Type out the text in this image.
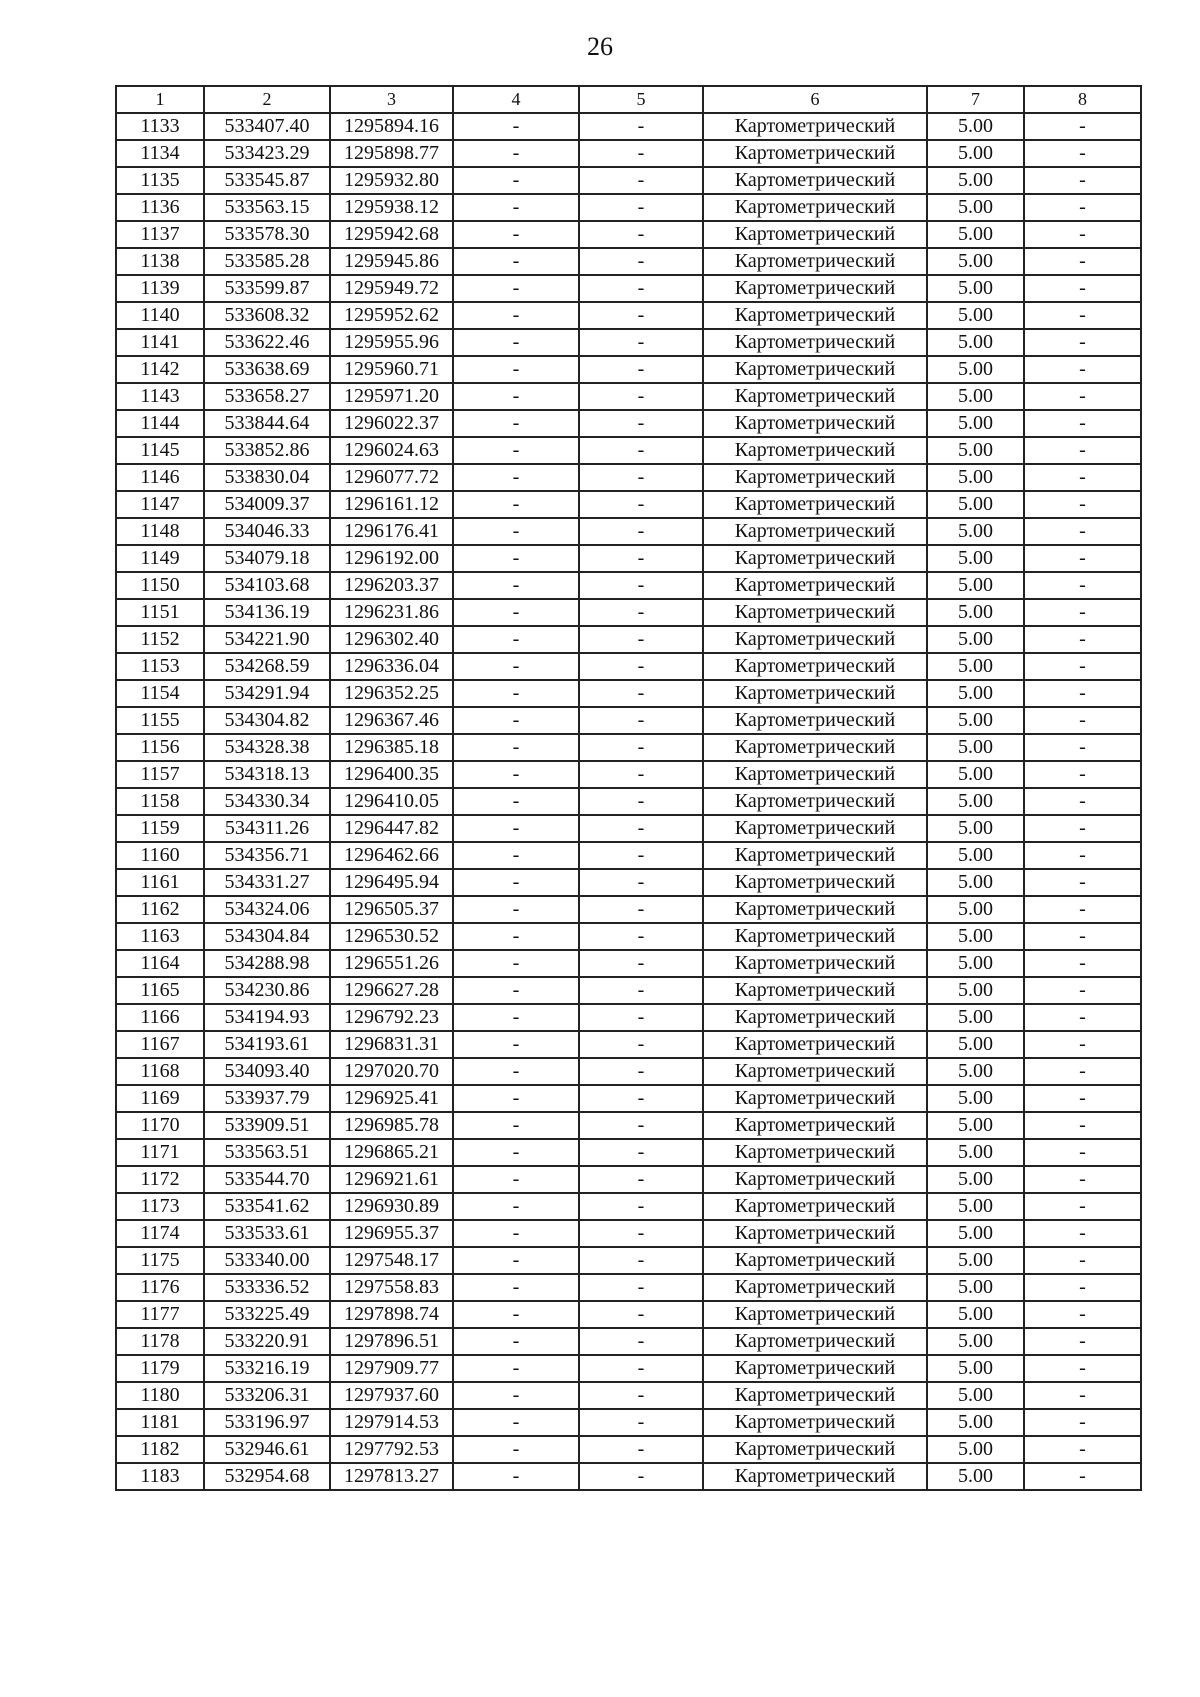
26
1	2	3	4	5	6	7	8
1133	533407.40	1295894.16	-	-	Картометрический	5.00	-
1134	533423.29	1295898.77	-	-	Картометрический	5.00	-
1135	533545.87	1295932.80	-	-	Картометрический	5.00	-
1136	533563.15	1295938.12	-	-	Картометрический	5.00	-
1137	533578.30	1295942.68	-	-	Картометрический	5.00	-
1138	533585.28	1295945.86	-	-	Картометрический	5.00	-
1139	533599.87	1295949.72	-	-	Картометрический	5.00	-
1140	533608.32	1295952.62	-	-	Картометрический	5.00	-
1141	533622.46	1295955.96	-	-	Картометрический	5.00	-
1142	533638.69	1295960.71	-	-	Картометрический	5.00	-
1143	533658.27	1295971.20	-	-	Картометрический	5.00	-
1144	533844.64	1296022.37	-	-	Картометрический	5.00	-
1145	533852.86	1296024.63	-	-	Картометрический	5.00	-
1146	533830.04	1296077.72	-	-	Картометрический	5.00	-
1147	534009.37	1296161.12	-	-	Картометрический	5.00	-
1148	534046.33	1296176.41	-	-	Картометрический	5.00	-
1149	534079.18	1296192.00	-	-	Картометрический	5.00	-
1150	534103.68	1296203.37	-	-	Картометрический	5.00	-
1151	534136.19	1296231.86	-	-	Картометрический	5.00	-
1152	534221.90	1296302.40	-	-	Картометрический	5.00	-
1153	534268.59	1296336.04	-	-	Картометрический	5.00	-
1154	534291.94	1296352.25	-	-	Картометрический	5.00	-
1155	534304.82	1296367.46	-	-	Картометрический	5.00	-
1156	534328.38	1296385.18	-	-	Картометрический	5.00	-
1157	534318.13	1296400.35	-	-	Картометрический	5.00	-
1158	534330.34	1296410.05	-	-	Картометрический	5.00	-
1159	534311.26	1296447.82	-	-	Картометрический	5.00	-
1160	534356.71	1296462.66	-	-	Картометрический	5.00	-
1161	534331.27	1296495.94	-	-	Картометрический	5.00	-
1162	534324.06	1296505.37	-	-	Картометрический	5.00	-
1163	534304.84	1296530.52	-	-	Картометрический	5.00	-
1164	534288.98	1296551.26	-	-	Картометрический	5.00	-
1165	534230.86	1296627.28	-	-	Картометрический	5.00	-
1166	534194.93	1296792.23	-	-	Картометрический	5.00	-
1167	534193.61	1296831.31	-	-	Картометрический	5.00	-
1168	534093.40	1297020.70	-	-	Картометрический	5.00	-
1169	533937.79	1296925.41	-	-	Картометрический	5.00	-
1170	533909.51	1296985.78	-	-	Картометрический	5.00	-
1171	533563.51	1296865.21	-	-	Картометрический	5.00	-
1172	533544.70	1296921.61	-	-	Картометрический	5.00	-
1173	533541.62	1296930.89	-	-	Картометрический	5.00	-
1174	533533.61	1296955.37	-	-	Картометрический	5.00	-
1175	533340.00	1297548.17	-	-	Картометрический	5.00	-
1176	533336.52	1297558.83	-	-	Картометрический	5.00	-
1177	533225.49	1297898.74	-	-	Картометрический	5.00	-
1178	533220.91	1297896.51	-	-	Картометрический	5.00	-
1179	533216.19	1297909.77	-	-	Картометрический	5.00	-
1180	533206.31	1297937.60	-	-	Картометрический	5.00	-
1181	533196.97	1297914.53	-	-	Картометрический	5.00	-
1182	532946.61	1297792.53	-	-	Картометрический	5.00	-
1183	532954.68	1297813.27	-	-	Картометрический	5.00	-
